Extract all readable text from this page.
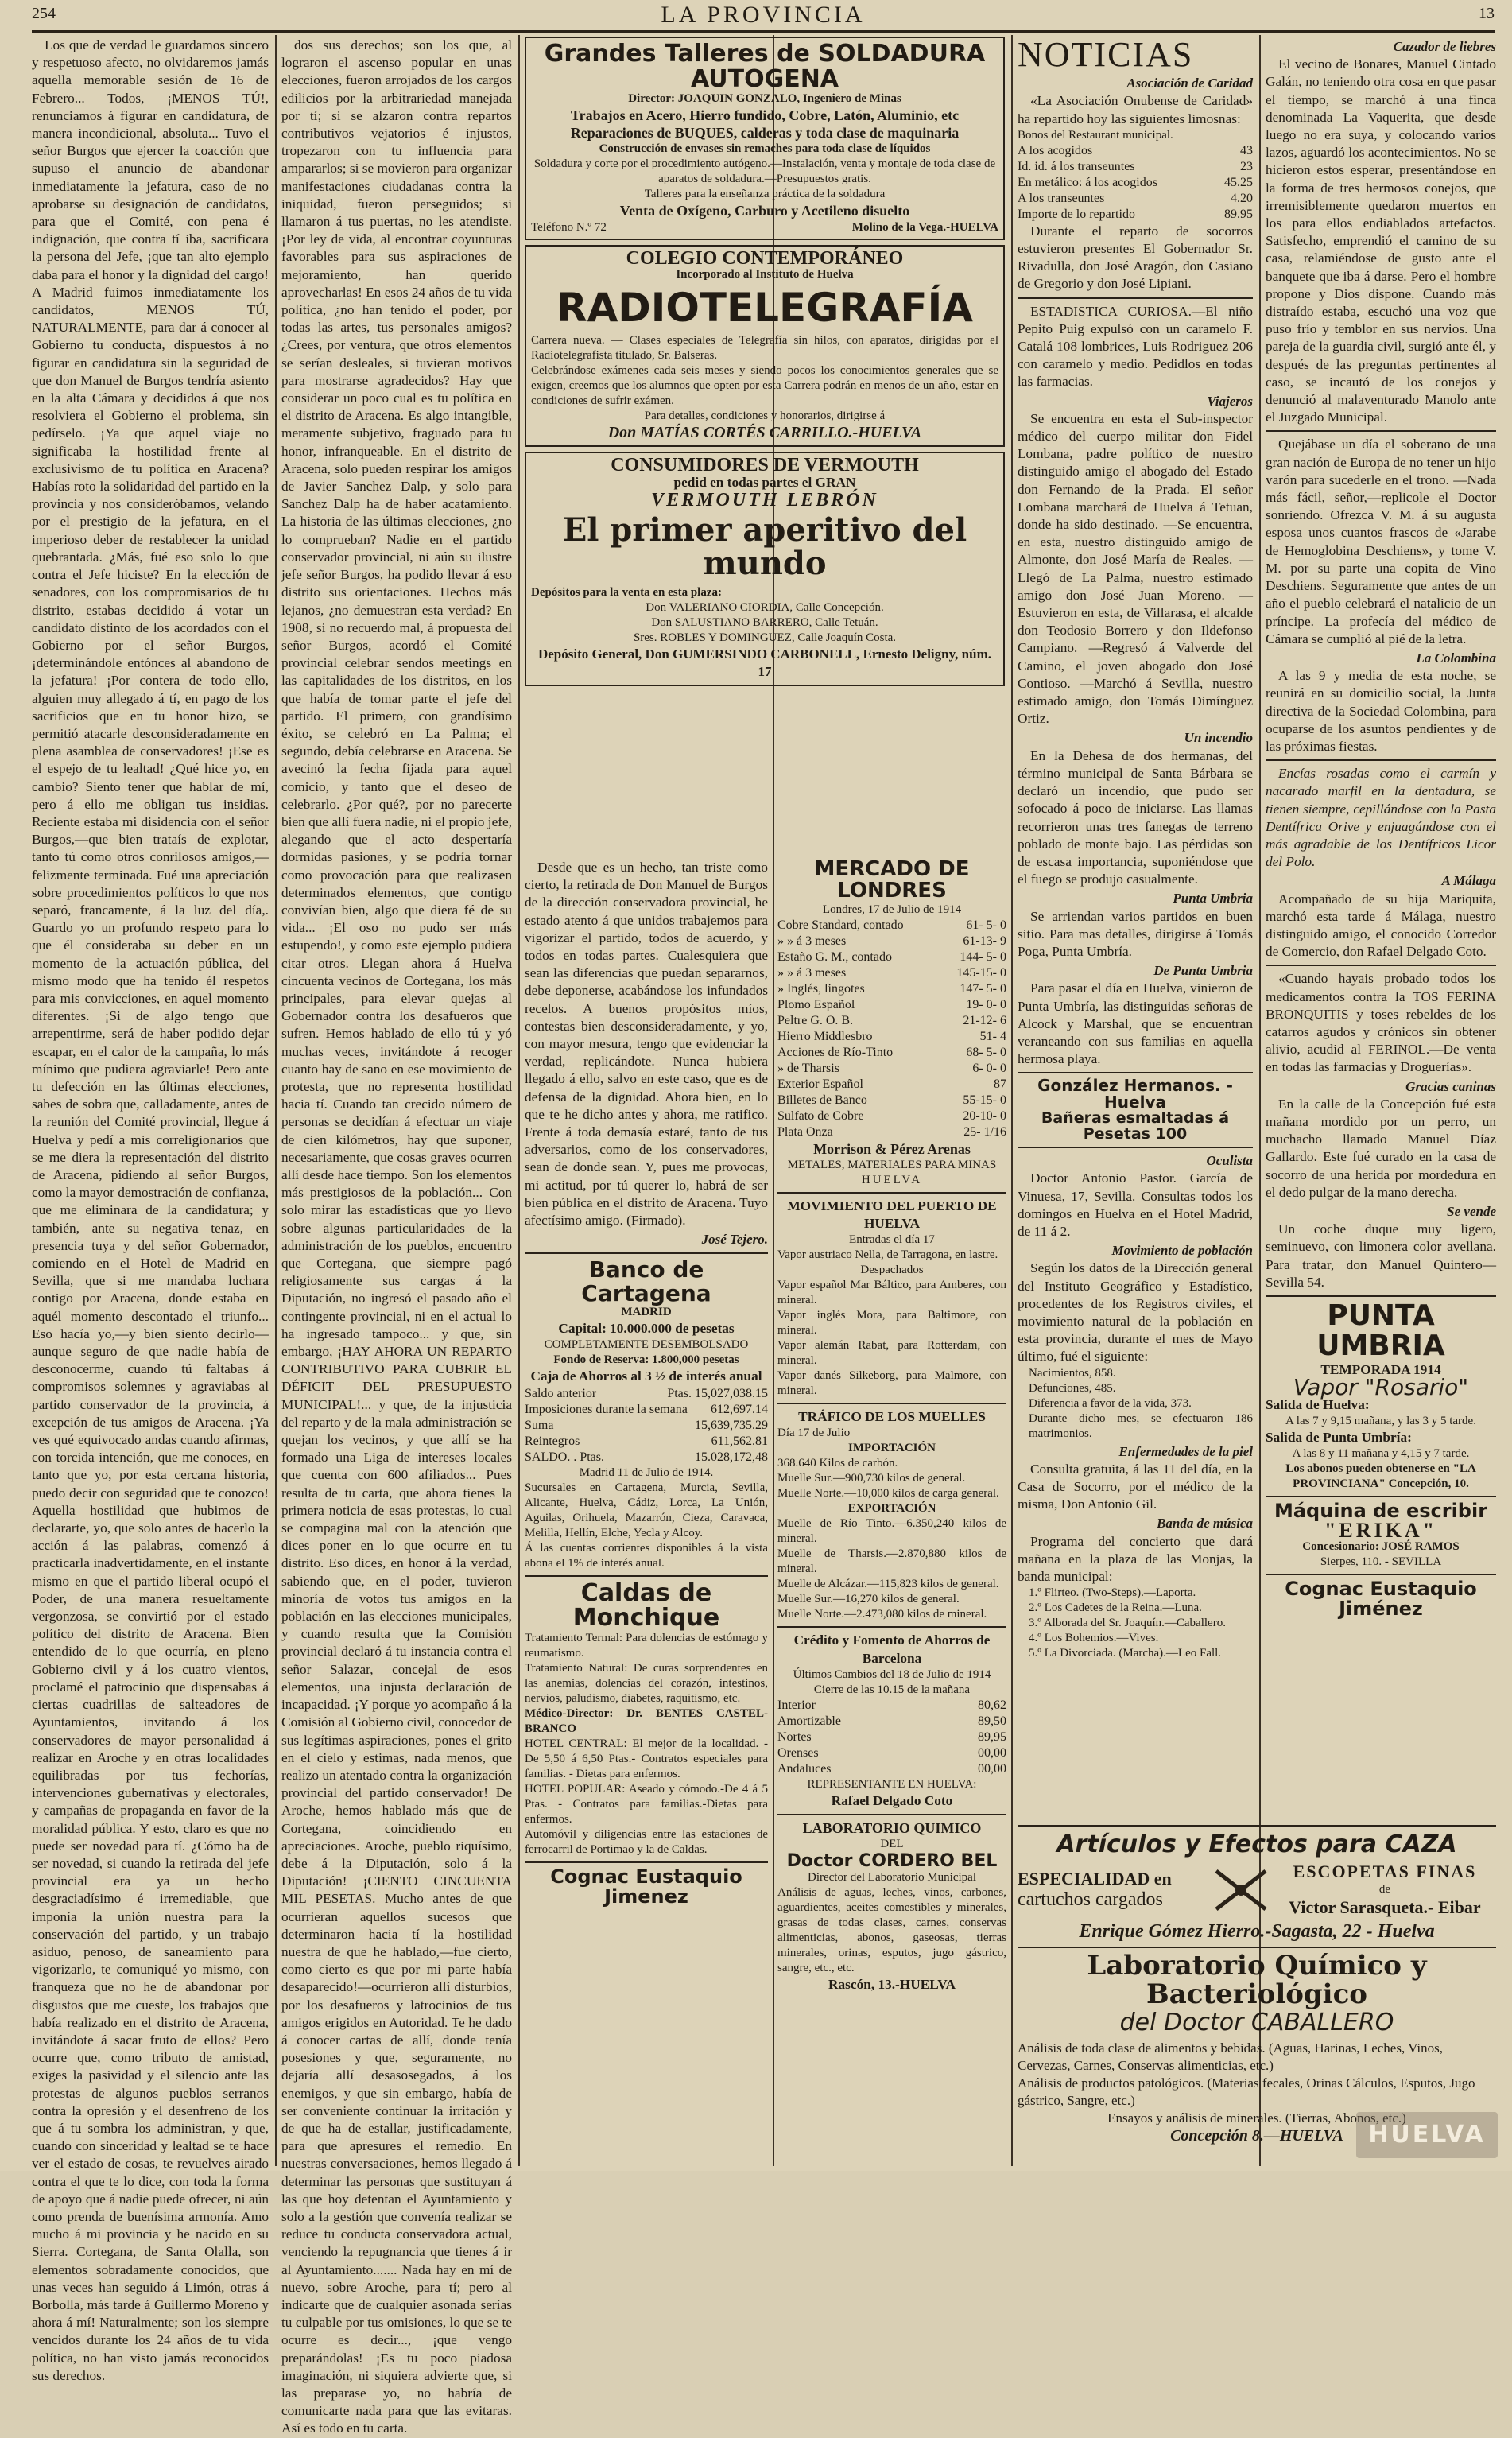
254	LA PROVINCIA	13

Los que de verdad le guardamos sincero y respetuoso afecto, no olvidaremos jamás aquella memorable sesión de 16 de Febrero... Todos, ¡MENOS TÚ!, renunciamos á figurar en candidatura, de manera incondicional, absoluta... Tuvo el señor Burgos que ejercer la coacción que supuso el anuncio de abandonar inmediatamente la jefatura, caso de no aprobarse su designación de candidatos, para que el Comité, con pena é indignación, que contra tí iba, sacrificara la persona del Jefe, ¡que tan alto ejemplo daba para el honor y la dignidad del cargo! A Madrid fuimos inmediatamente los candidatos, MENOS TÚ, NATURALMENTE, para dar á conocer al Gobierno tu conducta, dispuestos á no figurar en candidatura sin la seguridad de que don Manuel de Burgos tendría asiento en la alta Cámara y decididos á que nos resolviera el Gobierno el problema, sin pedírselo. ¡Ya que aquel viaje no significaba la hostilidad frente al exclusivismo de tu política en Aracena? Habías roto la solidaridad del partido en la provincia y nos consideróbamos, velando por el prestigio de la jefatura, en el imperioso deber de restablecer la unidad quebrantada. ¿Más, fué eso solo lo que contra el Jefe hiciste? En la elección de senadores, con los compromisarios de tu distrito, estabas decidido á votar un candidato distinto de los acordados con el Gobierno por el señor Burgos, ¡determinándole entónces al abandono de la jefatura! ¡Por contera de todo ello, alguien muy allegado á tí, en pago de los sacrificios que en tu honor hizo, se permitió atacarle desconsideradamente en plena asamblea de conservadores! ¡Ese es el espejo de tu lealtad! ¿Qué hice yo, en cambio? Siento tener que hablar de mí, pero á ello me obligan tus insidias. Reciente estaba mi disidencia con el señor Burgos,—que bien trataís de explotar, tanto tú como otros conrilosos amigos,—felizmente terminada. Fué una apreciación sobre procedimientos políticos lo que nos separó, francamente, á la luz del día,. Guardo yo un profundo respeto para lo que él consideraba su deber en un momento de la actuación pública, del mismo modo que ha tenido él respetos para mis convicciones, en aquel momento diferentes. ¡Si de algo tengo que arrepentirme, será de haber podido dejar escapar, en el calor de la campaña, lo más mínimo que pudiera agraviarle! Pero ante tu defección en las últimas elecciones, sabes de sobra que, calladamente, antes de la reunión del Comité provincial, llegue á Huelva y pedí a mis correligionarios que se me diera la representación del distrito de Aracena, pidiendo al señor Burgos, como la mayor demostración de confianza, que me eliminara de la candidatura; y también, ante su negativa tenaz, en presencia tuya y del señor Gobernador, comiendo en el Hotel de Madrid en Sevilla, que si me mandaba luchara contigo por Aracena, donde estaba en aquél momento descontado el triunfo... Eso hacía yo,—y bien siento decirlo—aunque seguro de que nadie había de desconocerme, cuando tú faltabas á compromisos solemnes y agraviabas al partido conservador de la provincia, á excepción de tus amigos de Aracena. ¡Ya ves qué equivocado andas cuando afirmas, con torcida intención, que me conoces, en tanto que yo, por esta cercana historia, puedo decir con seguridad que te conozco! Aquella hostilidad que hubimos de declararte, yo, que solo antes de hacerlo la acción á las palabras, comenzó á practicarla inadvertidamente, en el instante mismo en que el partido liberal ocupó el Poder, de una manera resueltamente vergonzosa, se convirtió por el estado político del distrito de Aracena. Bien entendido de lo que ocurría, en pleno Gobierno civil y á los cuatro vientos, proclamé el patrocinio que dispensabas á ciertas cuadrillas de salteadores de Ayuntamientos, invitando á los conservadores de mayor personalidad á realizar en Aroche y en otras localidades equilibradas por tus fechorías, intervenciones gubernativas y electorales, y campañas de propaganda en favor de la moralidad pública. Y esto, claro es que no puede ser novedad para tí. ¿Cómo ha de ser novedad, si cuando la retirada del jefe provincial era ya un hecho desgraciadísimo é irremediable, que imponía la unión nuestra para la conservación del partido, y un trabajo asiduo, penoso, de saneamiento para vigorizarlo, te comuniqué yo mismo, con franqueza que no he de abandonar por disgustos que me cueste, los trabajos que había realizado en el distrito de Aracena, invitándote á sacar fruto de ellos? Pero ocurre que, como tributo de amistad, exiges la pasividad y el silencio ante las protestas de algunos pueblos serranos contra la opresión y el desenfreno de los que á tu sombra los administran, y que, cuando con sinceridad y lealtad se te hace ver el estado de cosas, te revuelves airado contra el que te lo dice, con toda la forma de apoyo que á nadie puede ofrecer, ni aún como prenda de buenísima armonía. Amo mucho á mi provincia y he nacido en su Sierra. Cortegana, de Santa Olalla, son elementos sobradamente conocidos, que unas veces han seguido á Limón, otras á Borbolla, más tarde á Guillermo Moreno y ahora á mí! Naturalmente; son los siempre vencidos durante los 24 años de tu vida política, no han visto jamás reconocidos sus derechos.

dos sus derechos; son los que, al lograron el ascenso popular en unas elecciones, fueron arrojados de los cargos edilicios por la arbitrariedad manejada por tí; si se alzaron contra repartos contributivos vejatorios é injustos, tropezaron con tu influencia para ampararlos; si se movieron para organizar manifestaciones ciudadanas contra la iniquidad, fueron perseguidos; si llamaron á tus puertas, no les atendiste. ¡Por ley de vida, al encontrar coyunturas favorables para sus aspiraciones de mejoramiento, han querido aprovecharlas! En esos 24 años de tu vida política, ¿no han tenido el poder, por todas las artes, tus personales amigos? ¿Crees, por ventura, que otros elementos se serían desleales, si tuvieran motivos para mostrarse agradecidos? Hay que considerar un poco cual es tu política en el distrito de Aracena. Es algo intangible, meramente subjetivo, fraguado para tu honor, infranqueable. En el distrito de Aracena, solo pueden respirar los amigos de Javier Sanchez Dalp, y solo para Sanchez Dalp ha de haber acatamiento. La historia de las últimas elecciones, ¿no lo comprueban? Nadie en el partido conservador provincial, ni aún su ilustre jefe señor Burgos, ha podido llevar á eso distrito sus orientaciones. Hechos más lejanos, ¿no demuestran esta verdad? En 1908, si no recuerdo mal, á propuesta del señor Burgos, acordó el Comité provincial celebrar sendos meetings en las capitalidades de los distritos, en los que había de tomar parte el jefe del partido. El primero, con grandísimo éxito, se celebró en La Palma; el segundo, debía celebrarse en Aracena. Se avecinó la fecha fijada para aquel comicio, y tanto que el deseo de celebrarlo. ¿Por qué?, por no parecerte bien que allí fuera nadie, ni el propio jefe, alegando que el acto despertaría dormidas pasiones, y se podría tornar como provocación para que realizasen determinados elementos, que contigo convivían bien, algo que diera fé de su vida... ¡El oso no pudo ser más estupendo!, y como este ejemplo pudiera citar otros. Llegan ahora á Huelva cincuenta vecinos de Cortegana, los más principales, para elevar quejas al Gobernador contra los desafueros que sufren. Hemos hablado de ello tú y yó muchas veces, invitándote á recoger cuanto hay de sano en ese movimiento de protesta, que no representa hostilidad hacia tí. Cuando tan crecido número de personas se decidían á efectuar un viaje de cien kilómetros, hay que suponer, necesariamente, que cosas graves ocurren allí desde hace tiempo. Son los elementos más prestigiosos de la población... Con solo mirar las estadísticas que yo llevo sobre algunas particularidades de la administración de los pueblos, encuentro que Cortegana, que siempre pagó religiosamente sus cargas á la Diputación, no ingresó el pasado año el contingente provincial, ni en el actual lo ha ingresado tampoco... y que, sin embargo, ¡HAY AHORA UN REPARTO CONTRIBUTIVO PARA CUBRIR EL DÉFICIT DEL PRESUPUESTO MUNICIPAL!... y que, de la injusticia del reparto y de la mala administración se quejan los vecinos, y que allí se ha formado una Liga de intereses locales que cuenta con 600 afiliados... Pues resulta de tu carta, que ahora tienes la primera noticia de esas protestas, lo cual se compagina mal con la atención que dices poner en lo que ocurre en tu distrito. Eso dices, en honor á la verdad, sabiendo que, en el poder, tuvieron minoría de votos tus amigos en la población en las elecciones municipales, y cuando resulta que la Comisión provincial declaró á tu instancia contra el señor Salazar, concejal de esos elementos, una injusta declaración de incapacidad. ¡Y porque yo acompaño á la Comisión al Gobierno civil, conocedor de sus legítimas aspiraciones, pones el grito en el cielo y estimas, nada menos, que realizo un atentado contra la organización provincial del partido conservador! De Aroche, hemos hablado más que de Cortegana, coincidiendo en apreciaciones. Aroche, pueblo riquísimo, debe á la Diputación, solo á la Diputación! ¡CIENTO CINCUENTA MIL PESETAS. Mucho antes de que ocurrieran aquellos sucesos que determinaron hacia tí la hostilidad nuestra de que he hablado,—fue cierto, como cierto es que por mi parte había desaparecido!—ocurrieron allí disturbios, por los desafueros y latrocinios de tus amigos erigidos en Autoridad. Te he dado á conocer cartas de allí, donde tenía posesiones y que, seguramente, no dejaría allí desasosegados, á los enemigos, y que sin embargo, había de ser conveniente continuar la irritación y de que ha de estallar, justificadamente, para que apresures el remedio. En nuestras conversaciones, hemos llegado á determinar las personas que sustituyan á las que hoy detentan el Ayuntamiento y solo a la gestión que convenía realizar se reduce tu conducta conservadora actual, venciendo la repugnancia que tienes á ir al Ayuntamiento....... Nada hay en mí de nuevo, sobre Aroche, para tí; pero al indicarte que de cualquier asonada serías tu culpable por tus omisiones, lo que se te ocurre es decir..., ¡que vengo preparándolas! ¡Es tu poco piadosa imaginación, ni siquiera advierte que, si las preparase yo, no habría de comunicarte nada para que las evitaras. Así es todo en tu carta.

Grandes Talleres de SOLDADURA AUTOGENA
Director: JOAQUIN GONZALO, Ingeniero de Minas
Trabajos en Acero, Hierro fundido, Cobre, Latón, Aluminio, etc
Reparaciones de BUQUES, calderas y toda clase de maquinaria
Construcción de envases sin remaches para toda clase de líquidos
Soldadura y corte por el procedimiento autógeno.—Instalación, venta y montaje de toda clase de aparatos de soldadura.—Presupuestos gratis.
Talleres para la enseñanza práctica de la soldadura
Venta de Oxígeno, Carburo y Acetileno disuelto
Teléfono N.º 72	Molino de la Vega.-HUELVA
COLEGIO CONTEMPORÁNEO
Incorporado al Instituto de Huelva
RADIOTELEGRAFÍA
Carrera nueva. — Clases especiales de Telegrafía sin hilos, con aparatos, dirigidas por el Radiotelegrafista titulado, Sr. Balseras.
Celebrándose exámenes cada seis meses y siendo pocos los conocimientos generales que se exigen, creemos que los alumnos que opten por esta Carrera podrán en menos de un año, estar en condiciones de sufrir exámen.
Para detalles, condiciones y honorarios, dirigirse á
Don MATÍAS CORTÉS CARRILLO.-HUELVA
CONSUMIDORES DE VERMOUTH
pedid en todas partes el GRAN
VERMOUTH LEBRÓN
El primer aperitivo del mundo
Depósitos para la venta en esta plaza:
Don VALERIANO CIORDIA, Calle Concepción.
Don SALUSTIANO BARRERO, Calle Tetuán.
Sres. ROBLES Y DOMINGUEZ, Calle Joaquín Costa.
Depósito General, Don GUMERSINDO CARBONELL, Ernesto Deligny, núm. 17

Desde que es un hecho, tan triste como cierto, la retirada de Don Manuel de Burgos de la dirección conservadora provincial, he estado atento á que unidos trabajemos para vigorizar el partido, todos de acuerdo, y todos en todas partes. Cualesquiera que sean las diferencias que puedan separarnos, debe deponerse, acabándose los infundados recelos. A buenos propósitos míos, contestas bien desconsideradamente, y yo, con mayor mesura, tengo que evidenciar la verdad, replicándote. Nunca hubiera llegado á ello, salvo en este caso, que es de defensa de la dignidad. Ahora bien, en lo que te he dicho antes y ahora, me ratifico. Frente á toda demasía estaré, tanto de tus adversarios, como de los conservadores, sean de donde sean. Y, pues me provocas, mi actitud, por tú querer lo, habrá de ser bien pública en el distrito de Aracena. Tuyo afectísimo amigo. (Firmado).

José Tejero.
Banco de Cartagena
MADRID
Capital: 10.000.000 de pesetas
COMPLETAMENTE DESEMBOLSADO
Fondo de Reserva: 1.800,000 pesetas
Caja de Ahorros al 3 ½ de interés anual
Saldo anterior	Ptas. 15,027,038.15
Imposiciones durante la semana 612,697.14
Suma	15,639,735.29
Reintegros	611,562.81
SALDO. . Ptas.	15.028,172,48
Madrid 11 de Julio de 1914.
Sucursales en Cartagena, Murcia, Sevilla, Alicante, Huelva, Cádiz, Lorca, La Unión, Aguilas, Orihuela, Mazarrón, Cieza, Caravaca, Melilla, Hellín, Elche, Yecla y Alcoy.
Á las cuentas corrientes disponibles á la vista abona el 1% de interés anual.
Caldas de Monchique
Tratamiento Termal: Para dolencias de estómago y reumatismo.
Tratamiento Natural: De curas sorprendentes en las anemias, dolencias del corazón, intestinos, nervios, paludismo, diabetes, raquitismo, etc.
Médico-Director: Dr. BENTES CASTEL-BRANCO
HOTEL CENTRAL: El mejor de la localidad. - De 5,50 á 6,50 Ptas.- Contratos especiales para familias. - Dietas para enfermos.
HOTEL POPULAR: Aseado y cómodo.-De 4 á 5 Ptas. - Contratos para familias.-Dietas para enfermos.
Automóvil y diligencias entre las estaciones de ferrocarril de Portimao y la de Caldas.
Cognac Eustaquio Jimenez
MERCADO DE LONDRES
Londres, 17 de Julio de 1914
Cobre Standard, contado	61- 5- 0
» » á 3 meses	61-13- 9
Estaño G. M., contado	144- 5- 0
» » á 3 meses	145-15- 0
» Inglés, lingotes	147- 5- 0
Plomo Español	19- 0- 0
Peltre G. O. B.	21-12- 6
Hierro Middlesbro	51- 4
Acciones de Río-Tinto	68- 5- 0
» de Tharsis	6- 0- 0
Exterior Español	87
Billetes de Banco	55-15- 0
Sulfato de Cobre	20-10- 0
Plata Onza	25- 1/16
Morrison & Pérez Arenas
METALES, MATERIALES PARA MINAS
HUELVA
MOVIMIENTO DEL PUERTO DE HUELVA
Entradas el día 17
Vapor austriaco Nella, de Tarragona, en lastre.
Despachados
Vapor español Mar Báltico, para Amberes, con mineral.
Vapor inglés Mora, para Baltimore, con mineral.
Vapor alemán Rabat, para Rotterdam, con mineral.
Vapor danés Silkeborg, para Malmore, con mineral.
TRÁFICO DE LOS MUELLES
Día 17 de Julio
IMPORTACIÓN
368.640 Kilos de carbón.
Muelle Sur.—900,730 kilos de general.
Muelle Norte.—10,000 kilos de carga general.
EXPORTACIÓN
Muelle de Río Tinto.—6.350,240 kilos de mineral.
Muelle de Tharsis.—2.870,880 kilos de mineral.
Muelle de Alcázar.—115,823 kilos de general.
Muelle Sur.—16,270 kilos de general.
Muelle Norte.—2.473,080 kilos de mineral.
Crédito y Fomento de Ahorros de Barcelona
Últimos Cambios del 18 de Julio de 1914
Cierre de las 10.15 de la mañana
Interior	80,62
Amortizable	89,50
Nortes	89,95
Orenses	00,00
Andaluces	00,00
REPRESENTANTE EN HUELVA:
Rafael Delgado Coto
LABORATORIO QUIMICO
DEL
Doctor CORDERO BEL
Director del Laboratorio Municipal
Análisis de aguas, leches, vinos, carbones, aguardientes, aceites comestibles y minerales, grasas de todas clases, carnes, conservas alimenticias, abonos, gaseosas, tierras minerales, orinas, esputos, jugo gástrico, sangre, etc., etc.
Rascón, 13.-HUELVA
NOTICIAS
Asociación de Caridad

«La Asociación Onubense de Caridad» ha repartido hoy las siguientes limosnas:

Bonos del Restaurant municipal.
A los acogidos	43
Id. id. á los transeuntes	23
En metálico: á los acogidos	45.25
A los transeuntes	4.20
Importe de lo repartido	89.95

Durante el reparto de socorros estuvieron presentes El Gobernador Sr. Rivadulla, don José Aragón, don Casiano de Gregorio y don José Lipiani.

ESTADISTICA CURIOSA.—El niño Pepito Puig expulsó con un caramelo F. Catalá 108 lombrices, Luis Rodriguez 206 con caramelo y medio. Pedidlos en todas las farmacias.

Viajeros

Se encuentra en esta el Sub-inspector médico del cuerpo militar don Fidel Lombana, padre político de nuestro distinguido amigo el abogado del Estado don Fernando de la Prada. El señor Lombana marchará de Huelva á Tetuan, donde ha sido destinado. —Se encuentra, en esta, nuestro distinguido amigo de Almonte, don José María de Reales. —Llegó de La Palma, nuestro estimado amigo don José Juan Moreno. —Estuvieron en esta, de Villarasa, el alcalde don Teodosio Borrero y don Ildefonso Campiano. —Regresó á Valverde del Camino, el joven abogado don José Contioso. —Marchó á Sevilla, nuestro estimado amigo, don Tomás Dimínguez Ortiz.

Un incendio

En la Dehesa de dos hermanas, del término municipal de Santa Bárbara se declaró un incendio, que pudo ser sofocado á poco de iniciarse. Las llamas recorrieron unas tres fanegas de terreno poblado de monte bajo. Las pérdidas son de escasa importancia, suponiéndose que el fuego se produjo casualmente.

Punta Umbria

Se arriendan varios partidos en buen sitio. Para mas detalles, dirigirse á Tomás Poga, Punta Umbría.

De Punta Umbria

Para pasar el día en Huelva, vinieron de Punta Umbría, las distinguidas señoras de Alcock y Marshal, que se encuentran veraneando con sus familias en aquella hermosa playa.

González Hermanos. - Huelva
Bañeras esmaltadas á Pesetas 100
Oculista

Doctor Antonio Pastor. García de Vinuesa, 17, Sevilla. Consultas todos los domingos en Huelva en el Hotel Madrid, de 11 á 2.

Movimiento de población

Según los datos de la Dirección general del Instituto Geográfico y Estadístico, procedentes de los Registros civiles, el movimiento natural de la población en esta provincia, durante el mes de Mayo último, fué el siguiente:

Nacimientos, 858.
Defunciones, 485.
Diferencia a favor de la vida, 373.
Durante dicho mes, se efectuaron 186 matrimonios.
Enfermedades de la piel

Consulta gratuita, á las 11 del día, en la Casa de Socorro, por el médico de la misma, Don Antonio Gil.

Banda de música

Programa del concierto que dará mañana en la plaza de las Monjas, la banda municipal:

1.º Flirteo. (Two-Steps).—Laporta.
2.º Los Cadetes de la Reina.—Luna.
3.º Alborada del Sr. Joaquín.—Caballero.
4.º Los Bohemios.—Vives.
5.º La Divorciada. (Marcha).—Leo Fall.
Cazador de liebres

El vecino de Bonares, Manuel Cintado Galán, no teniendo otra cosa en que pasar el tiempo, se marchó á una finca denominada La Vaquerita, que desde luego no era suya, y colocando varios lazos, aguardó los acontecimientos. No se hicieron estos esperar, presentándose en la forma de tres hermosos conejos, que irremisiblemente quedaron muertos en los para ellos endiablados artefactos. Satisfecho, emprendió el camino de su casa, relamiéndose de gusto ante el banquete que iba á darse. Pero el hombre propone y Dios dispone. Cuando más distraído estaba, escuchó una voz que puso frío y temblor en sus nervios. Una pareja de la guardia civil, surgió ante él, y después de las preguntas pertinentes al caso, se incautó de los conejos y denunció al malaventurado Manolo ante el Juzgado Municipal.

Quejábase un día el soberano de una gran nación de Europa de no tener un hijo varón para sucederle en el trono. —Nada más fácil, señor,—replicole el Doctor sonriendo. Ofrezca V. M. á su augusta esposa unos cuantos frascos de «Jarabe de Hemoglobina Deschiens», y tome V. M. por su parte una copita de Vino Deschiens. Seguramente que antes de un año el pueblo celebrará el natalicio de un príncipe. La profecía del médico de Cámara se cumplió al pié de la letra.

La Colombina

A las 9 y media de esta noche, se reunirá en su domicilio social, la Junta directiva de la Sociedad Colombina, para ocuparse de los asuntos pendientes y de las próximas fiestas.

Encías rosadas como el carmín y nacarado marfil en la dentadura, se tienen siempre, cepillándose con la Pasta Dentífrica Orive y enjuagándose con el más agradable de los Dentífricos Licor del Polo.

A Málaga

Acompañado de su hija Mariquita, marchó esta tarde á Málaga, nuestro distinguido amigo, el conocido Corredor de Comercio, don Rafael Delgado Coto.

«Cuando hayais probado todos los medicamentos contra la TOS FERINA BRONQUITIS y toses rebeldes de los catarros agudos y crónicos sin obtener alivio, acudid al FERINOL.—De venta en todas las farmacias y Droguerías».

Gracias caninas

En la calle de la Concepción fué esta mañana mordido por un perro, un muchacho llamado Manuel Díaz Gallardo. Este fué curado en la casa de socorro de una herida por mordedura en el dedo pulgar de la mano derecha.

Se vende

Un coche duque muy ligero, seminuevo, con limonera color avellana. Para tratar, don Manuel Quintero—Sevilla 54.

PUNTA UMBRIA
TEMPORADA 1914
Vapor "Rosario"
Salida de Huelva:
A las 7 y 9,15 mañana, y las 3 y 5 tarde.
Salida de Punta Umbría:
A las 8 y 11 mañana y 4,15 y 7 tarde.
Los abonos pueden obtenerse en "LA PROVINCIANA" Concepción, 10.
Máquina de escribir
"ERIKA"
Concesionario: JOSÉ RAMOS
Sierpes, 110. - SEVILLA
Cognac Eustaquio Jiménez
Artículos y Efectos para CAZA
ESPECIALIDAD en
cartuchos cargados
ESCOPETAS FINAS
de
Victor Sarasqueta.- Eibar
Enrique Gómez Hierro.-Sagasta, 22 - Huelva
Laboratorio Químico y Bacteriológico
del Doctor CABALLERO
Análisis de toda clase de alimentos y bebidas. (Aguas, Harinas, Leches, Vinos, Cervezas, Carnes, Conservas alimenticias, etc.)
Análisis de productos patológicos. (Materias fecales, Orinas Cálculos, Esputos, Jugo gástrico, Sangre, etc.)
Ensayos y análisis de minerales. (Tierras, Abonos, etc.)
Concepción 8.—HUELVA	HUELVA
